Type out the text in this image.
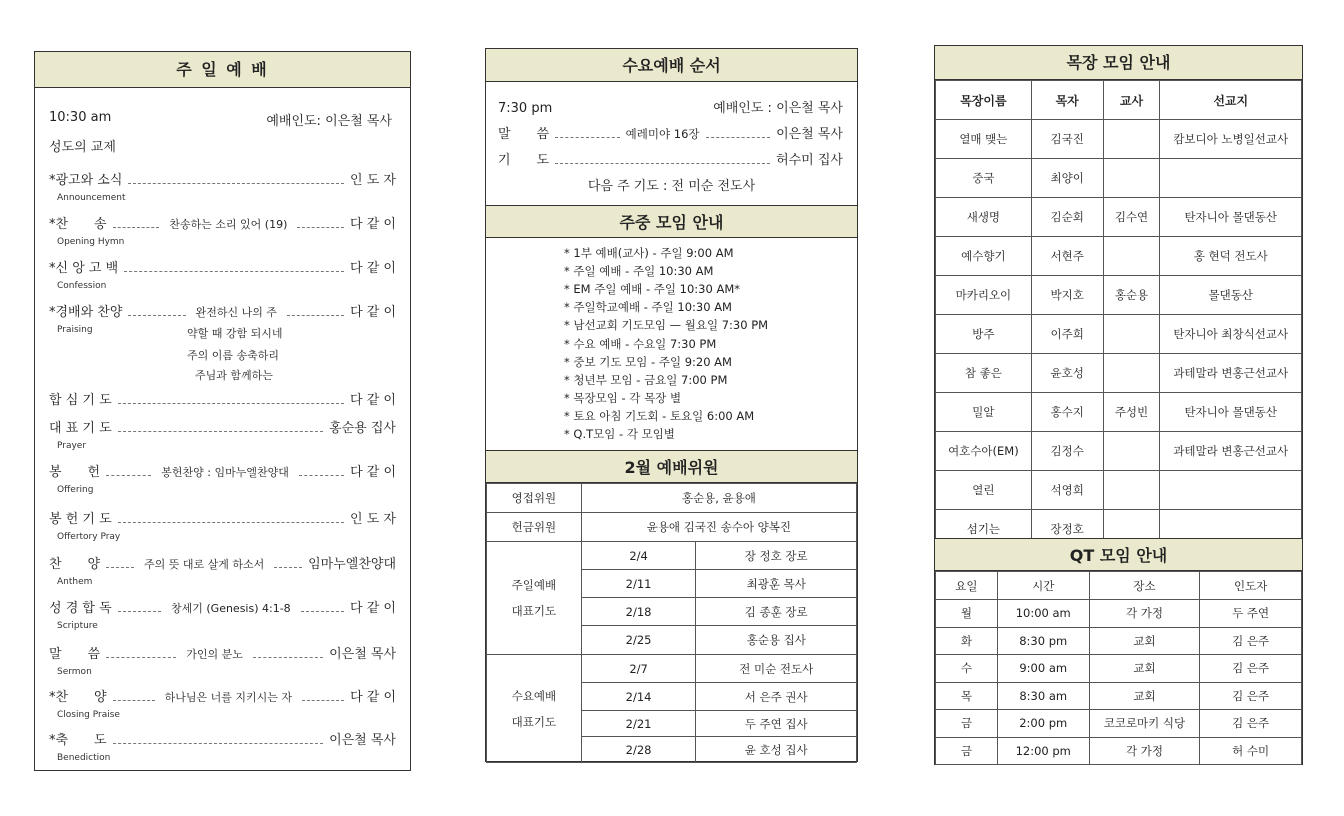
주 일 예 배
10:30 am	예배인도: 이은철 목사
성도의 교제
*광고와 소식	인 도 자
Announcement
*찬　　송	찬송하는 소리 있어 (19)	다 같 이
Opening Hymn
*신 앙 고 백	다 같 이
Confession
*경배와 찬양	완전하신 나의 주	다 같 이
Praising
합 심 기 도	다 같 이
대 표 기 도	홍순용 집사
Prayer
봉　　헌	봉헌찬양 : 임마누엘찬양대	다 같 이
Offering
봉 헌 기 도	인 도 자
Offertory Pray
찬　　양	주의 뜻 대로 살게 하소서	임마누엘찬양대
Anthem
성 경 합 독	창세기 (Genesis) 4:1-8	다 같 이
Scripture
말　　씀	가인의 분노	이은철 목사
Sermon
*찬　　양	하나님은 너를 지키시는 자	다 같 이
Closing Praise
*축　　도	이은철 목사
Benediction
약할 때 강함 되시네
주의 이름 송축하리
주님과 함께하는
수요예배 순서
7:30 pm	예배인도 : 이은철 목사
말　　씀	예레미야 16장	이은철 목사
기　　도	허수미 집사
다음 주 기도 : 전 미순 전도사
주중 모임 안내
* 1부 예배(교사) - 주일 9:00 AM
* 주일 예배 - 주일 10:30 AM
* EM 주일 예배 - 주일 10:30 AM*
* 주일학교예배 - 주일 10:30 AM
* 남선교회 기도모임 — 월요일 7:30 PM
* 수요 예배 - 수요일 7:30 PM
* 중보 기도 모임 - 주일 9:20 AM
* 청년부 모임 - 금요일 7:00 PM
* 목장모임 - 각 목장 별
* 토요 아침 기도회 - 토요일 6:00 AM
* Q.T모임 - 각 모임별
2월 예배위원
영접위원	홍순용, 윤용애	
헌금위원	윤용애 김국진 송수아 양복진	

주일예배
대표기도	2/4	장 정호 장로
	2/11	최광훈 목사
	2/18	김 종훈 장로
	2/25	홍순용 집사

수요예배
대표기도	2/7	전 미순 전도사
	2/14	서 은주 권사
	2/21	두 주연 집사
	2/28	윤 호성 집사
목장 모임 안내
목장이름	목자	교사	선교지
열매 맺는	김국진		캄보디아 노병일선교사
중국	최양이		
새생명	김순회	김수연	탄자니아 몰댄동산
예수향기	서현주		홍 현덕 전도사
마카리오이	박지호	홍순용	몰댄동산
방주	이주희		탄자니아 최창식선교사
참 좋은	윤호성		과테말라 변홍근선교사
밀알	홍수지	주성빈	탄자니아 몰댄동산
여호수아(EM)	김정수		과테말라 변홍근선교사
열린	석영희		
섬기는	장정호		
QT 모임 안내
요일	시간	장소	인도자
월	10:00 am	각 가정	두 주연
화	8:30 pm	교회	김 은주
수	9:00 am	교회	김 은주
목	8:30 am	교회	김 은주
금	2:00 pm	코코로마키 식당	김 은주
금	12:00 pm	각 가정	허 수미
